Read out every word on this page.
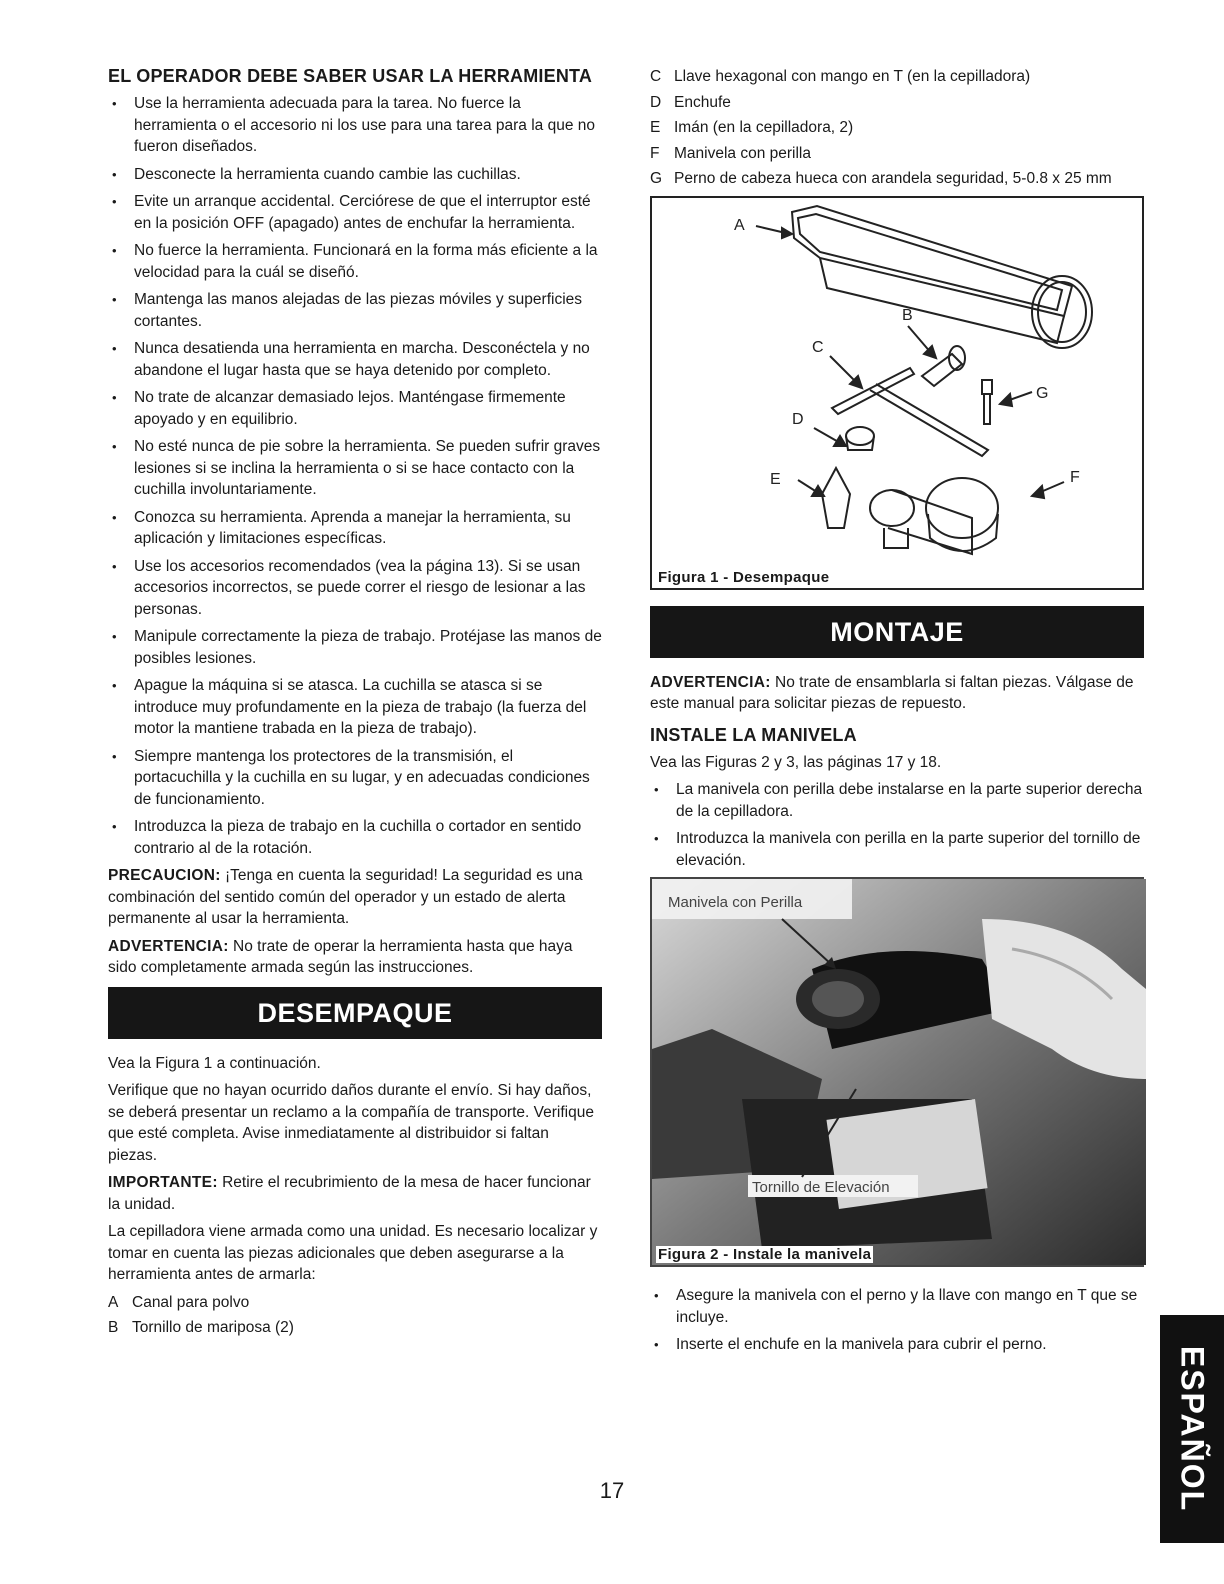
EL OPERADOR DEBE SABER USAR LA HERRAMIENTA
• Use la herramienta adecuada para la tarea. No fuerce la herramienta o el accesorio ni los use para una tarea para la que no fueron diseñados.
• Desconecte la herramienta cuando cambie las cuchillas.
• Evite un arranque accidental. Cerciórese de que el interruptor esté en la posición OFF (apagado) antes de enchufar la herramienta.
• No fuerce la herramienta. Funcionará en la forma más eficiente a la velocidad para la cuál se diseñó.
• Mantenga las manos alejadas de las piezas móviles y superficies cortantes.
• Nunca desatienda una herramienta en marcha. Desconéctela y no abandone el lugar hasta que se haya detenido por completo.
• No trate de alcanzar demasiado lejos. Manténgase firmemente apoyado y en equilibrio.
• No esté nunca de pie sobre la herramienta. Se pueden sufrir graves lesiones si se inclina la herramienta o si se hace contacto con la cuchilla involuntariamente.
• Conozca su herramienta. Aprenda a manejar la herramienta, su aplicación y limitaciones específicas.
• Use los accesorios recomendados (vea la página 13). Si se usan accesorios incorrectos, se puede correr el riesgo de lesionar a las personas.
• Manipule correctamente la pieza de trabajo. Protéjase las manos de posibles lesiones.
• Apague la máquina si se atasca. La cuchilla se atasca si se introduce muy profundamente en la pieza de trabajo (la fuerza del motor la mantiene trabada en la pieza de trabajo).
• Siempre mantenga los protectores de la transmisión, el portacuchilla y la cuchilla en su lugar, y en adecuadas condiciones de funcionamiento.
• Introduzca la pieza de trabajo en la cuchilla o cortador en sentido contrario al de la rotación.

PRECAUCION: ¡Tenga en cuenta la seguridad! La seguridad es una combinación del sentido común del operador y un estado de alerta permanente al usar la herramienta.

ADVERTENCIA: No trate de operar la herramienta hasta que haya sido completamente armada según las instrucciones.

DESEMPAQUE

Vea la Figura 1 a continuación.

Verifique que no hayan ocurrido daños durante el envío. Si hay daños, se deberá presentar un reclamo a la compañía de transporte. Verifique que esté completa. Avise inmediatamente al distribuidor si faltan piezas.

IMPORTANTE: Retire el recubrimiento de la mesa de hacer funcionar la unidad.

La cepilladora viene armada como una unidad. Es necesario localizar y tomar en cuenta las piezas adicionales que deben asegurarse a la herramienta antes de armarla:

A Canal para polvo
B Tornillo de mariposa (2)
C Llave hexagonal con mango en T (en la cepilladora)
D Enchufe
E Imán (en la cepilladora, 2)
F Manivela con perilla
G Perno de cabeza hueca con arandela seguridad, 5-0.8 x 25 mm
A
B
C
D
E	F
G
Figura 1 - Desempaque
MONTAJE

ADVERTENCIA: No trate de ensamblarla si faltan piezas. Válgase de este manual para solicitar piezas de repuesto.

INSTALE LA MANIVELA

Vea las Figuras 2 y 3, las páginas 17 y 18.

• La manivela con perilla debe instalarse en la parte superior derecha de la cepilladora.
• Introduzca la manivela con perilla en la parte superior del tornillo de elevación.
Manivela con Perilla
Tornillo de Elevación
Figura 2 - Instale la manivela
• Asegure la manivela con el perno y la llave con mango en T que se incluye.
• Inserte el enchufe en la manivela para cubrir el perno.
ESPAÑOL
17
